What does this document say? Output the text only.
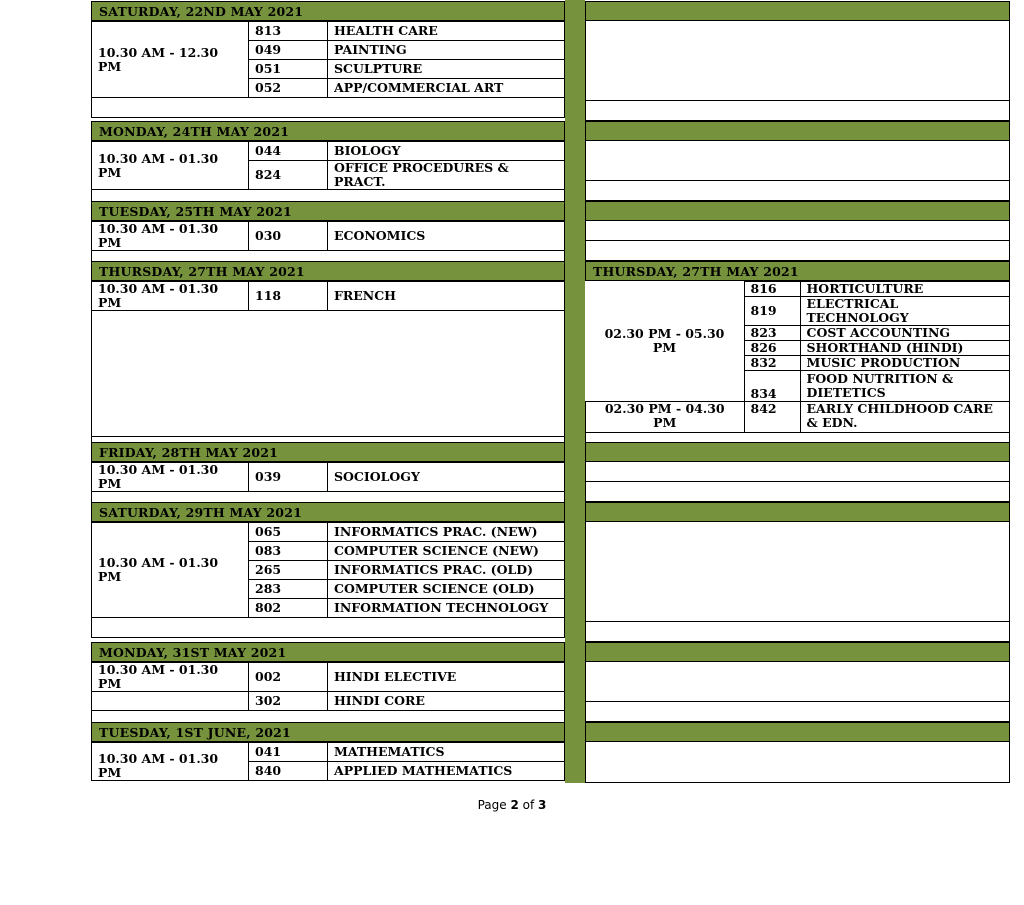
SATURDAY, 22ND MAY 2021
10.30 AM - 12.30 PM	813	HEALTH CARE
	049	PAINTING
	051	SCULPTURE
	052	APP/COMMERCIAL ART
MONDAY, 24TH MAY 2021
10.30 AM - 01.30 PM	044	BIOLOGY
	824	OFFICE PROCEDURES & PRACT.
TUESDAY, 25TH MAY 2021
10.30 AM - 01.30 PM	030	ECONOMICS
THURSDAY, 27TH MAY 2021
10.30 AM - 01.30 PM	118	FRENCH
FRIDAY, 28TH MAY 2021
10.30 AM - 01.30 PM	039	SOCIOLOGY
SATURDAY, 29TH MAY 2021
10.30 AM - 01.30 PM	065	INFORMATICS PRAC. (NEW)
	083	COMPUTER SCIENCE (NEW)
	265	INFORMATICS PRAC. (OLD)
	283	COMPUTER SCIENCE (OLD)
	802	INFORMATION TECHNOLOGY
MONDAY, 31ST MAY 2021
10.30 AM - 01.30 PM	002	HINDI ELECTIVE
	302	HINDI CORE
TUESDAY, 1ST JUNE, 2021
10.30 AM - 01.30 PM	041	MATHEMATICS
	840	APPLIED MATHEMATICS
THURSDAY, 27TH MAY 2021
02.30 PM - 05.30 PM	816	HORTICULTURE
	819	ELECTRICAL TECHNOLOGY
	823	COST ACCOUNTING
	826	SHORTHAND (HINDI)
	832	MUSIC PRODUCTION
	834	FOOD NUTRITION & DIETETICS
02.30 PM - 04.30 PM	842	EARLY CHILDHOOD CARE & EDN.
Page 2 of 3
